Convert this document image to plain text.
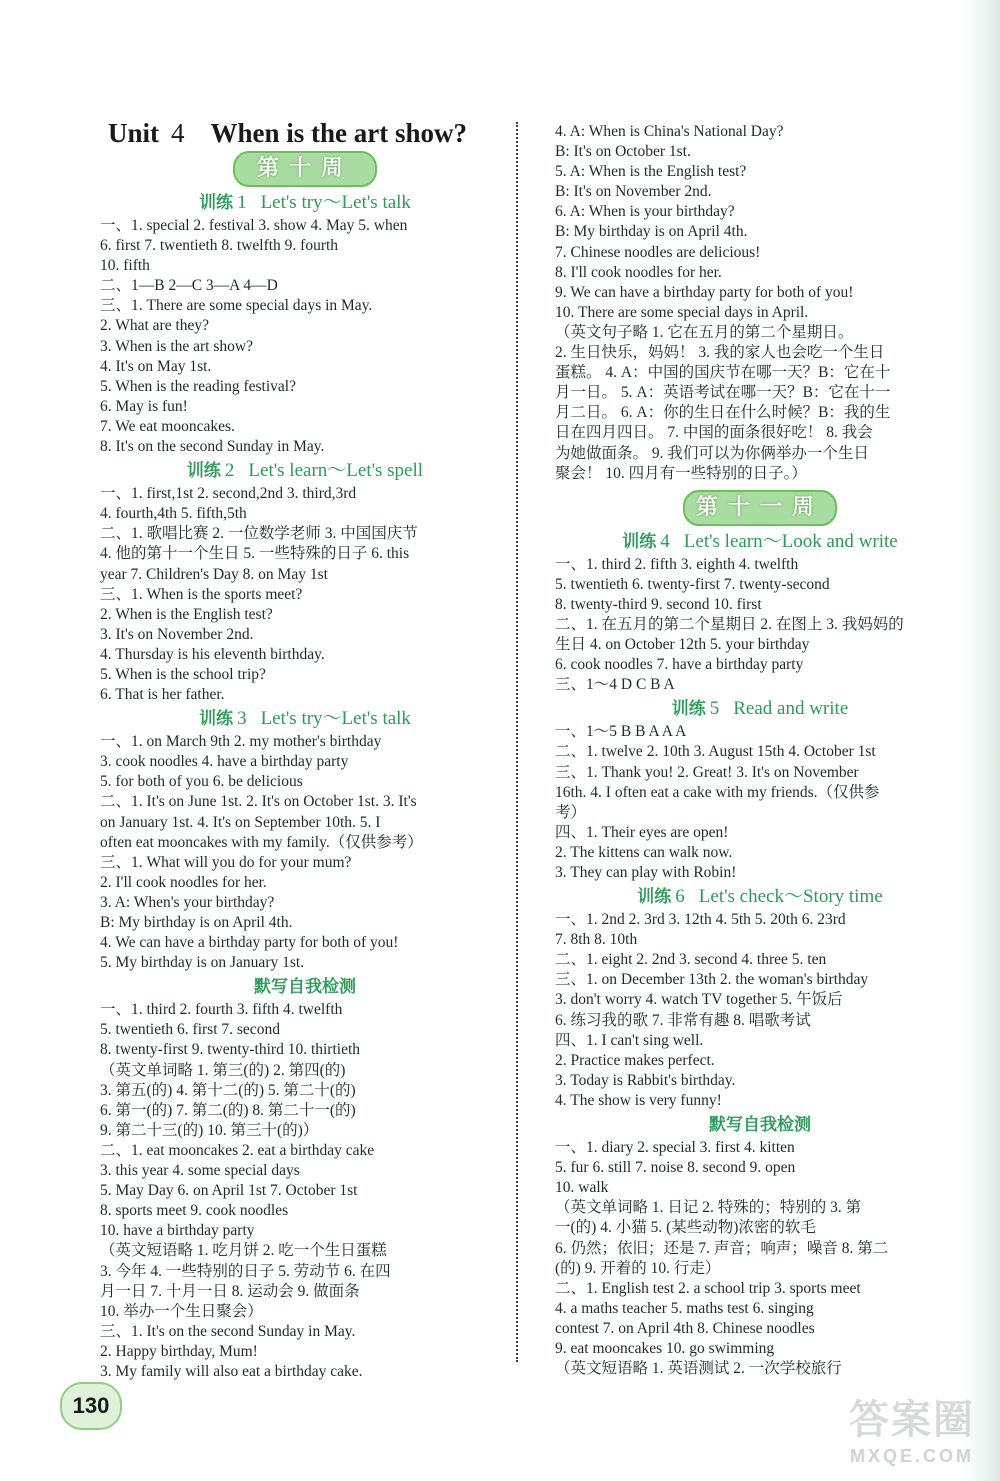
Unit 4 When is the art show?
第十周
训练 1 Let's try～Let's talk
一、1. special 2. festival 3. show 4. May 5. when
6. first 7. twentieth 8. twelfth 9. fourth
10. fifth
二、1—B 2—C 3—A 4—D
三、1. There are some special days in May.
2. What are they?
3. When is the art show?
4. It's on May 1st.
5. When is the reading festival?
6. May is fun!
7. We eat mooncakes.
8. It's on the second Sunday in May.
训练 2 Let's learn～Let's spell
一、1. first,1st 2. second,2nd 3. third,3rd
4. fourth,4th 5. fifth,5th
二、1. 歌唱比赛 2. 一位数学老师 3. 中国国庆节
4. 他的第十一个生日 5. 一些特殊的日子 6. this
year 7. Children's Day 8. on May 1st
三、1. When is the sports meet?
2. When is the English test?
3. It's on November 2nd.
4. Thursday is his eleventh birthday.
5. When is the school trip?
6. That is her father.
训练 3 Let's try～Let's talk
一、1. on March 9th 2. my mother's birthday
3. cook noodles 4. have a birthday party
5. for both of you 6. be delicious
二、1. It's on June 1st. 2. It's on October 1st. 3. It's
on January 1st. 4. It's on September 10th. 5. I
often eat mooncakes with my family.（仅供参考）
三、1. What will you do for your mum?
2. I'll cook noodles for her.
3. A: When's your birthday?
B: My birthday is on April 4th.
4. We can have a birthday party for both of you!
5. My birthday is on January 1st.
默写自我检测
一、1. third 2. fourth 3. fifth 4. twelfth
5. twentieth 6. first 7. second
8. twenty-first 9. twenty-third 10. thirtieth
（英文单词略 1. 第三(的) 2. 第四(的)
3. 第五(的) 4. 第十二(的) 5. 第二十(的)
6. 第一(的) 7. 第二(的) 8. 第二十一(的)
9. 第二十三(的) 10. 第三十(的)）
二、1. eat mooncakes 2. eat a birthday cake
3. this year 4. some special days
5. May Day 6. on April 1st 7. October 1st
8. sports meet 9. cook noodles
10. have a birthday party
（英文短语略 1. 吃月饼 2. 吃一个生日蛋糕
3. 今年 4. 一些特别的日子 5. 劳动节 6. 在四
月一日 7. 十月一日 8. 运动会 9. 做面条
10. 举办一个生日聚会）
三、1. It's on the second Sunday in May.
2. Happy birthday, Mum!
3. My family will also eat a birthday cake.
4. A: When is China's National Day?
B: It's on October 1st.
5. A: When is the English test?
B: It's on November 2nd.
6. A: When is your birthday?
B: My birthday is on April 4th.
7. Chinese noodles are delicious!
8. I'll cook noodles for her.
9. We can have a birthday party for both of you!
10. There are some special days in April.
（英文句子略 1. 它在五月的第二个星期日。
2. 生日快乐，妈妈！ 3. 我的家人也会吃一个生日
蛋糕。 4. A：中国的国庆节在哪一天？B：它在十
月一日。 5. A：英语考试在哪一天？B：它在十一
月二日。 6. A：你的生日在什么时候？B：我的生
日在四月四日。 7. 中国的面条很好吃！ 8. 我会
为她做面条。 9. 我们可以为你俩举办一个生日
聚会！ 10. 四月有一些特别的日子。）
第十一周
训练 4 Let's learn～Look and write
一、1. third 2. fifth 3. eighth 4. twelfth
5. twentieth 6. twenty-first 7. twenty-second
8. twenty-third 9. second 10. first
二、1. 在五月的第二个星期日 2. 在图上 3. 我妈妈的
生日 4. on October 12th 5. your birthday
6. cook noodles 7. have a birthday party
三、1～4 D C B A
训练 5 Read and write
一、1～5 B B A A A
二、1. twelve 2. 10th 3. August 15th 4. October 1st
三、1. Thank you! 2. Great! 3. It's on November
16th. 4. I often eat a cake with my friends.（仅供参
考）
四、1. Their eyes are open!
2. The kittens can walk now.
3. They can play with Robin!
训练 6 Let's check～Story time
一、1. 2nd 2. 3rd 3. 12th 4. 5th 5. 20th 6. 23rd
7. 8th 8. 10th
二、1. eight 2. 2nd 3. second 4. three 5. ten
三、1. on December 13th 2. the woman's birthday
3. don't worry 4. watch TV together 5. 午饭后
6. 练习我的歌 7. 非常有趣 8. 唱歌考试
四、1. I can't sing well.
2. Practice makes perfect.
3. Today is Rabbit's birthday.
4. The show is very funny!
默写自我检测
一、1. diary 2. special 3. first 4. kitten
5. fur 6. still 7. noise 8. second 9. open
10. walk
（英文单词略 1. 日记 2. 特殊的；特别的 3. 第
一(的) 4. 小猫 5. (某些动物)浓密的软毛
6. 仍然；依旧；还是 7. 声音；响声；噪音 8. 第二
(的) 9. 开着的 10. 行走）
二、1. English test 2. a school trip 3. sports meet
4. a maths teacher 5. maths test 6. singing
contest 7. on April 4th 8. Chinese noodles
9. eat mooncakes 10. go swimming
（英文短语略 1. 英语测试 2. 一次学校旅行
130	答案圈
MXQE.COM
